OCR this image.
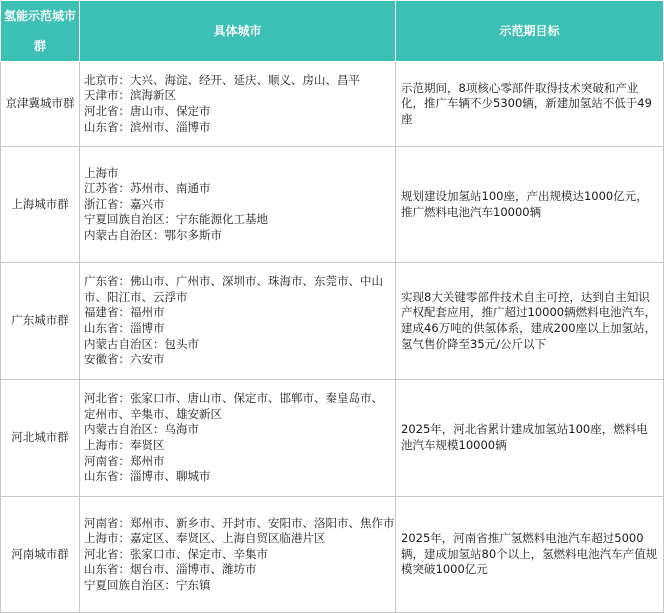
氢能示范城市群	具体城市	示范期目标
京津冀城市群	北京市：大兴、海淀、经开、延庆、顺义、房山、昌平
天津市：滨海新区
河北省：唐山市、保定市
山东省：滨州市、淄博市	示范期间，8项核心零部件取得技术突破和产业化，推广车辆不少5300辆，新建加氢站不低于49座
上海城市群	上海市
江苏省：苏州市、南通市
浙江省：嘉兴市
宁夏回族自治区：宁东能源化工基地
内蒙古自治区：鄂尔多斯市	规划建设加氢站100座，产出规模达1000亿元，推广燃料电池汽车10000辆
广东城市群	广东省：佛山市、广州市、深圳市、珠海市、东莞市、中山市、阳江市、云浮市
福建省：福州市
山东省：淄博市
内蒙古自治区：包头市
安徽省：六安市	实现8大关键零部件技术自主可控，达到自主知识产权配套应用，推广超过10000辆燃料电池汽车，建成46万吨的供氢体系，建成200座以上加氢站，氢气售价降至35元/公斤以下
河北城市群	河北省：张家口市、唐山市、保定市、邯郸市、秦皇岛市、定州市、辛集市、雄安新区
内蒙古自治区：乌海市
上海市：奉贤区
河南省：郑州市
山东省：淄博市、聊城市	2025年，河北省累计建成加氢站100座，燃料电池汽车规模10000辆
河南城市群	河南省：郑州市、新乡市、开封市、安阳市、洛阳市、焦作市
上海市：嘉定区、奉贤区、上海自贸区临港片区
河北省：张家口市、保定市、辛集市
山东省：烟台市、淄博市、潍坊市
宁夏回族自治区：宁东镇	2025年，河南省推广氢燃料电池汽车超过5000辆，建成加氢站80个以上，氢燃料电池汽车产值规模突破1000亿元
